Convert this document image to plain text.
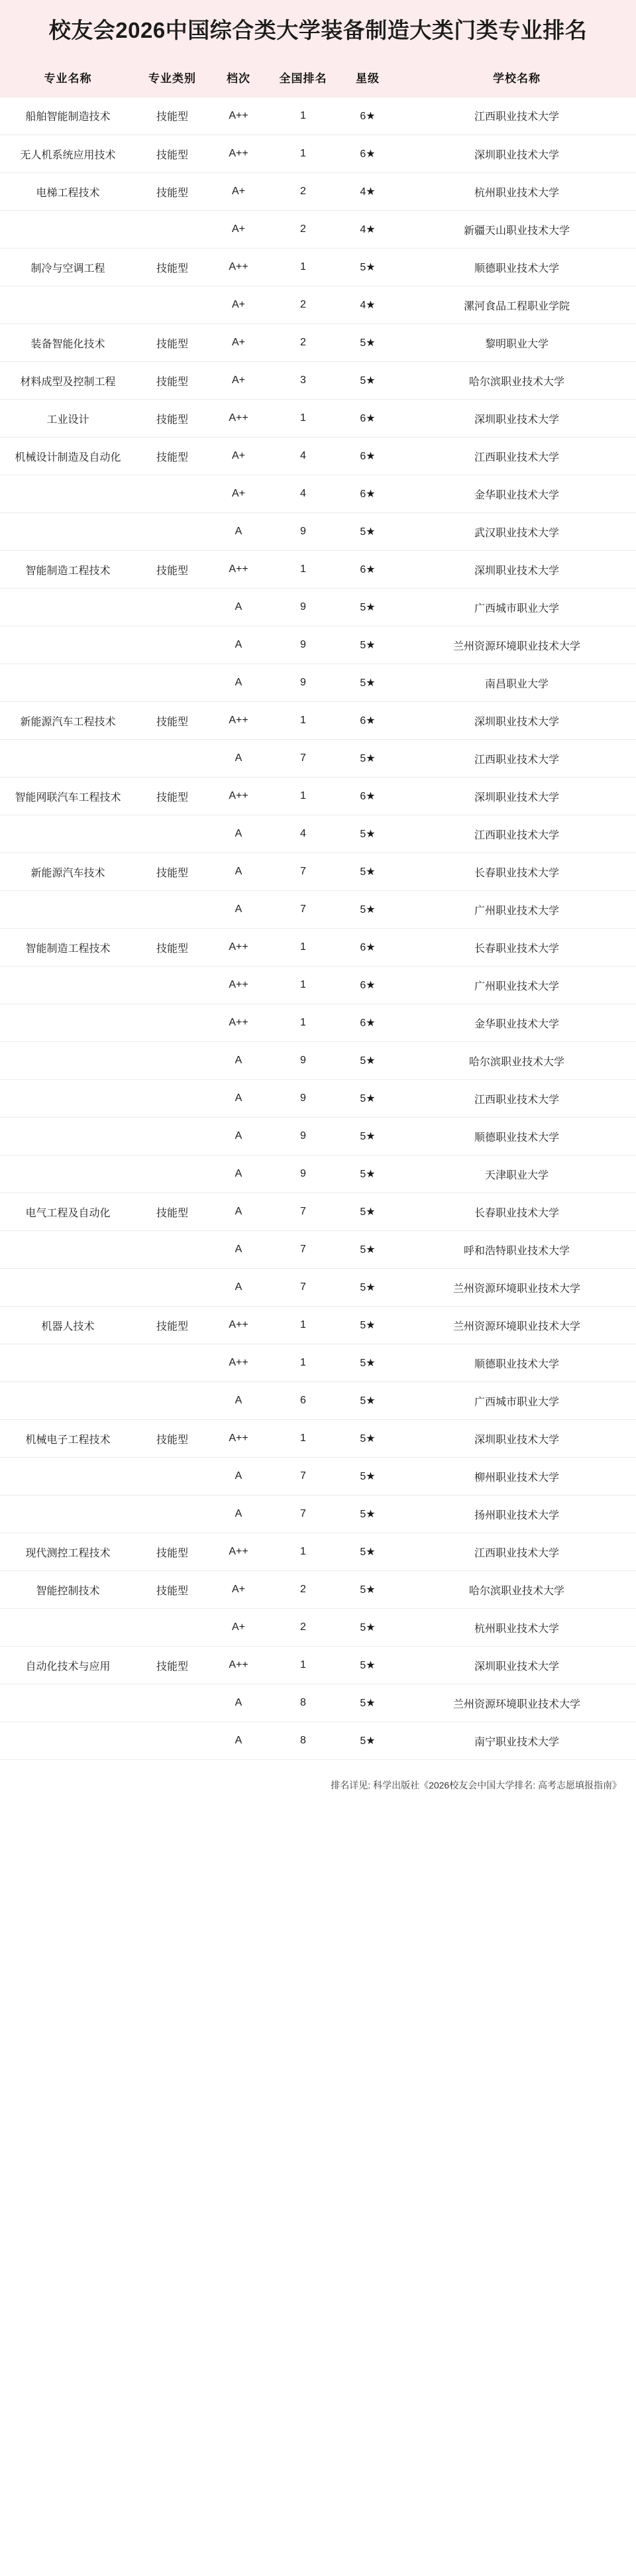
校友会2026中国综合类大学装备制造大类门类专业排名
专业名称	专业类别	档次	全国排名	星级	学校名称
船舶智能制造技术	技能型	A++	1	6★	江西职业技术大学
无人机系统应用技术	技能型	A++	1	6★	深圳职业技术大学
电梯工程技术	技能型	A+	2	4★	杭州职业技术大学
		A+	2	4★	新疆天山职业技术大学
制冷与空调工程	技能型	A++	1	5★	顺德职业技术大学
		A+	2	4★	漯河食品工程职业学院
装备智能化技术	技能型	A+	2	5★	黎明职业大学
材料成型及控制工程	技能型	A+	3	5★	哈尔滨职业技术大学
工业设计	技能型	A++	1	6★	深圳职业技术大学
机械设计制造及自动化	技能型	A+	4	6★	江西职业技术大学
		A+	4	6★	金华职业技术大学
		A	9	5★	武汉职业技术大学
智能制造工程技术	技能型	A++	1	6★	深圳职业技术大学
		A	9	5★	广西城市职业大学
		A	9	5★	兰州资源环境职业技术大学
		A	9	5★	南昌职业大学
新能源汽车工程技术	技能型	A++	1	6★	深圳职业技术大学
		A	7	5★	江西职业技术大学
智能网联汽车工程技术	技能型	A++	1	6★	深圳职业技术大学
		A	4	5★	江西职业技术大学
新能源汽车技术	技能型	A	7	5★	长春职业技术大学
		A	7	5★	广州职业技术大学
智能制造工程技术	技能型	A++	1	6★	长春职业技术大学
		A++	1	6★	广州职业技术大学
		A++	1	6★	金华职业技术大学
		A	9	5★	哈尔滨职业技术大学
		A	9	5★	江西职业技术大学
		A	9	5★	顺德职业技术大学
		A	9	5★	天津职业大学
电气工程及自动化	技能型	A	7	5★	长春职业技术大学
		A	7	5★	呼和浩特职业技术大学
		A	7	5★	兰州资源环境职业技术大学
机器人技术	技能型	A++	1	5★	兰州资源环境职业技术大学
		A++	1	5★	顺德职业技术大学
		A	6	5★	广西城市职业大学
机械电子工程技术	技能型	A++	1	5★	深圳职业技术大学
		A	7	5★	柳州职业技术大学
		A	7	5★	扬州职业技术大学
现代测控工程技术	技能型	A++	1	5★	江西职业技术大学
智能控制技术	技能型	A+	2	5★	哈尔滨职业技术大学
		A+	2	5★	杭州职业技术大学
自动化技术与应用	技能型	A++	1	5★	深圳职业技术大学
		A	8	5★	兰州资源环境职业技术大学
		A	8	5★	南宁职业技术大学
排名详见: 科学出版社《2026校友会中国大学排名: 高考志愿填报指南》
